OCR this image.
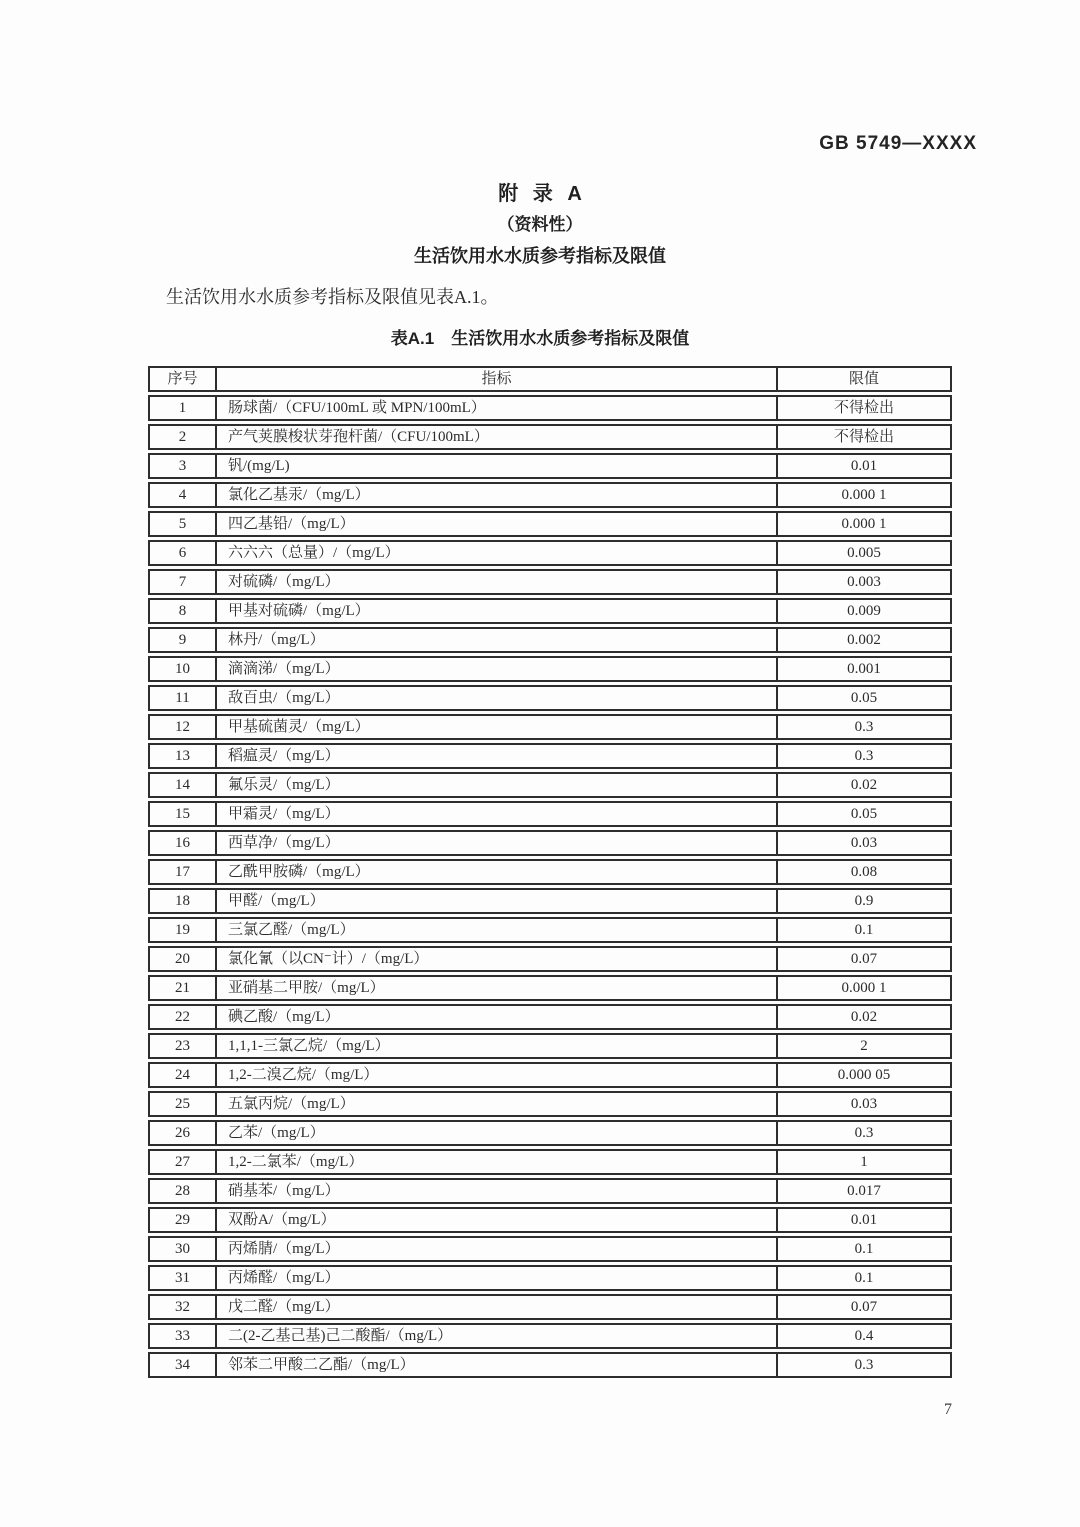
GB 5749—XXXX
附 录 A
（资料性）
生活饮用水水质参考指标及限值

生活饮用水水质参考指标及限值见表A.1。

表A.1　生活饮用水水质参考指标及限值
序号	指标	限值
1	肠球菌/（CFU/100mL 或 MPN/100mL）	不得检出
2	产气荚膜梭状芽孢杆菌/（CFU/100mL）	不得检出
3	钒/(mg/L)	0.01
4	氯化乙基汞/（mg/L）	0.000 1
5	四乙基铅/（mg/L）	0.000 1
6	六六六（总量）/（mg/L）	0.005
7	对硫磷/（mg/L）	0.003
8	甲基对硫磷/（mg/L）	0.009
9	林丹/（mg/L）	0.002
10	滴滴涕/（mg/L）	0.001
11	敌百虫/（mg/L）	0.05
12	甲基硫菌灵/（mg/L）	0.3
13	稻瘟灵/（mg/L）	0.3
14	氟乐灵/（mg/L）	0.02
15	甲霜灵/（mg/L）	0.05
16	西草净/（mg/L）	0.03
17	乙酰甲胺磷/（mg/L）	0.08
18	甲醛/（mg/L）	0.9
19	三氯乙醛/（mg/L）	0.1
20	氯化氰（以CN⁻计）/（mg/L）	0.07
21	亚硝基二甲胺/（mg/L）	0.000 1
22	碘乙酸/（mg/L）	0.02
23	1,1,1-三氯乙烷/（mg/L）	2
24	1,2-二溴乙烷/（mg/L）	0.000 05
25	五氯丙烷/（mg/L）	0.03
26	乙苯/（mg/L）	0.3
27	1,2-二氯苯/（mg/L）	1
28	硝基苯/（mg/L）	0.017
29	双酚A/（mg/L）	0.01
30	丙烯腈/（mg/L）	0.1
31	丙烯醛/（mg/L）	0.1
32	戊二醛/（mg/L）	0.07
33	二(2-乙基己基)己二酸酯/（mg/L）	0.4
34	邻苯二甲酸二乙酯/（mg/L）	0.3
7
